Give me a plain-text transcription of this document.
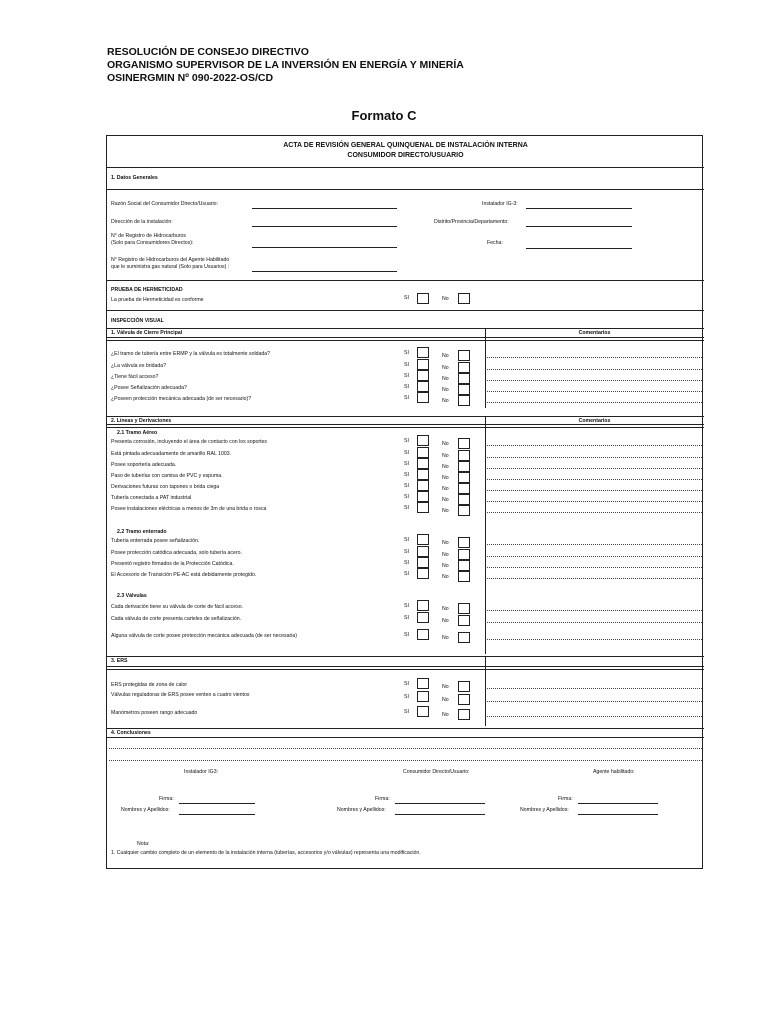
RESOLUCIÓN DE CONSEJO DIRECTIVO
ORGANISMO SUPERVISOR DE LA INVERSIÓN EN ENERGÍA Y MINERÍA
OSINERGMIN Nº 090-2022-OS/CD
Formato C
ACTA DE REVISIÓN GENERAL QUINQUENAL DE INSTALACIÓN INTERNA
CONSUMIDOR DIRECTO/USUARIO
1. Datos Generales
Razón Social del Consumidor Directo/Usuario:	Instalador IG-3:
Dirección de la instalación:	Distrito/Provincia/Departamento:
N° de Registro de Hidrocarburos
(Solo para Consumidores Directos):	Fecha:
N° Registro de Hidrocarburos del Agente Habilitado
que le suministra gas natural (Solo para Usuarios) :
PRUEBA DE HERMETICIDAD
La prueba de Hermeticidad es conforme	SI	No
INSPECCIÓN VISUAL
1. Válvula de Cierre Principal	Comentarios
¿El tramo de tubería entre ERMP y la válvula es totalmente soldada?	SI	No
¿La válvula es bridada?	SI	No
¿Tiene fácil acceso?	SI	No
¿Posee Señalización adecuada?	SI	No
¿Poseen protección mecánica adecuada (de ser necesario)?	SI	No
2. Líneas y Derivaciones	Comentarios
2.1 Tramo Aéreo
2.2 Tramo enterrado
2.3 Válvulas
Presenta corrosión, incluyendo el área de contacto con los soportes	SI	No
Está pintada adecuadamente de amarillo RAL 1003.	SI	No
Posee soportería adecuada.	SI	No
Paso de tuberías con camisa de PVC y espuma.	SI	No
Derivaciones futuras con tapones o brida ciega	SI	No
Tubería conectada a PAT industrial	SI	No
Posee instalaciones eléctricas a menos de 3m de una brida o rosca	SI	No
Tubería enterrada posee señalización.	SI	No
Posee protección catódica adecuada, solo tubería acero.	SI	No
Presentó registro firmados de la Protección Catódica.	SI	No
El Accesorio de Transición PE-AC está debidamente protegido.	SI	No
Cada derivación tiene su válvula de corte de fácil acceso.	SI	No
Cada válvula de corte presenta carteles de señalización.	SI	No
Alguna válvula de corte posee protección mecánica adecuada (de ser necesaria)	SI	No
3. ERS
ERS protegidas de zona de calor	SI	No
Válvulas reguladoras de ERS posee venteo a cuatro vientos	SI	No
Manómetros poseen rango adecuado	SI	No
4. Conclusiones
Instalador IG3:	Consumidor Directo/Usuario:	Agente habilitado:
Firma:	Firma:	Firma:
Nombres y Apellidos:	Nombres y Apellidos:	Nombres y Apellidos:
Nota:
1. Cualquier cambio completo de un elemento de la instalación interna (tuberías, accesorios y/o válvulas) representa una modificación.
